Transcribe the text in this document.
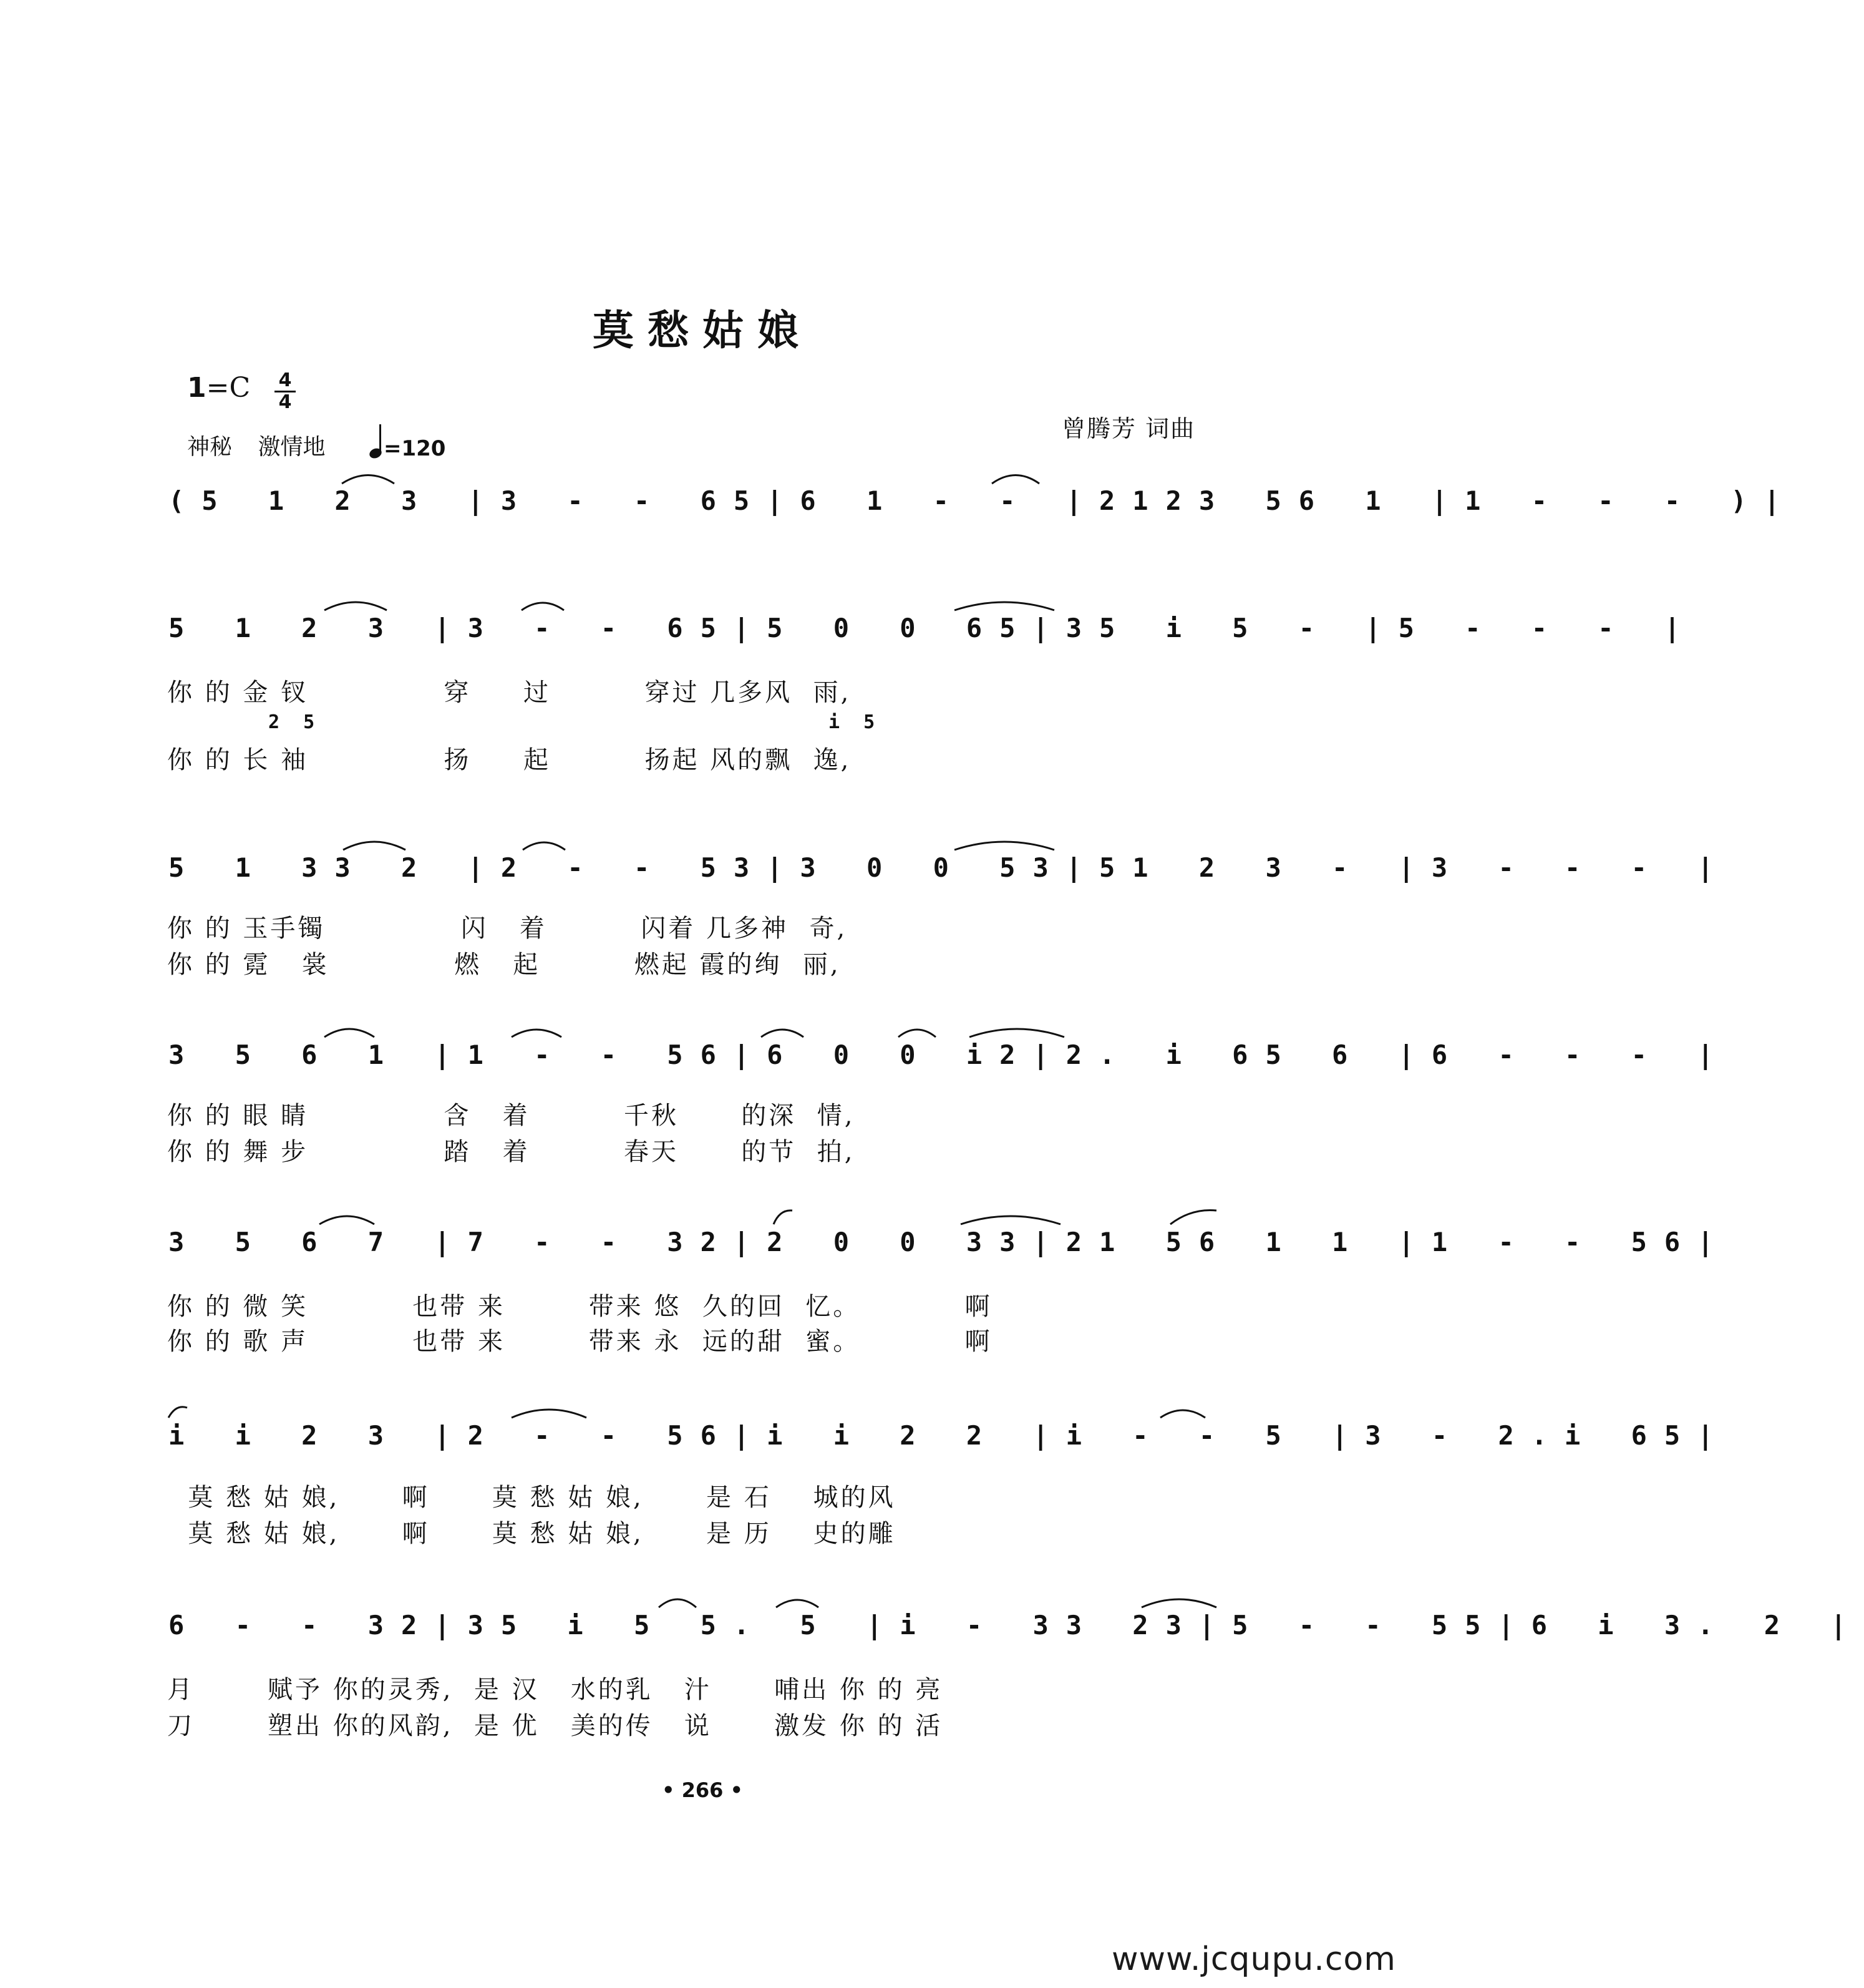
莫愁姑娘
1=C 4
4
神秘 激情地	=120
曾腾芳 词曲
(5 1 2 3 |3 - - 65|6 1 - - |2123 56 1 |1 - - - )|
5 1 2 3 |3 - - 65|5 0 0 65|35 i 5 - |5 - - - |
你 的 金 钗             穿     过         穿过 几多风  雨,
2 5	i 5
你 的 长 袖             扬     起         扬起 风的飘  逸,
5 1 33 2 |2 - - 53|3 0 0 53|51 2 3 - |3 - - - |
你 的 玉手镯             闪   着         闪着 几多神  奇,
你 的 霓   裳            燃   起         燃起 霞的绚  丽,
3 5 6 1 |1 - - 56|6 0 0 i2|2. i 65 6 |6 - - - |
你 的 眼 睛             含   着         千秋      的深  情,
你 的 舞 步             踏   着         春天      的节  拍,
3 5 6 7 |7 - - 32|2 0 0 33|21 56 1 1 |1 - - 56|
你 的 微 笑          也带 来        带来 悠  久的回  忆。          啊
你 的 歌 声          也带 来        带来 永  远的甜  蜜。          啊
i i 2 3 |2 - - 56|i i 2 2 |i - - 5 |3 - 2.i 65|
莫 愁 姑 娘,      啊      莫 愁 姑 娘,      是 石    城的风
莫 愁 姑 娘,      啊      莫 愁 姑 娘,      是 历    史的雕
6 - - 32|35 i 5 5. 5 |i - 33 23|5 - - 55|6 i 3. 2 |
月       赋予 你的灵秀,  是 汉   水的乳   汁      哺出 你 的 亮
刀       塑出 你的风韵,  是 优   美的传   说      激发 你 的 活
• 266 •
www.jcqupu.com
